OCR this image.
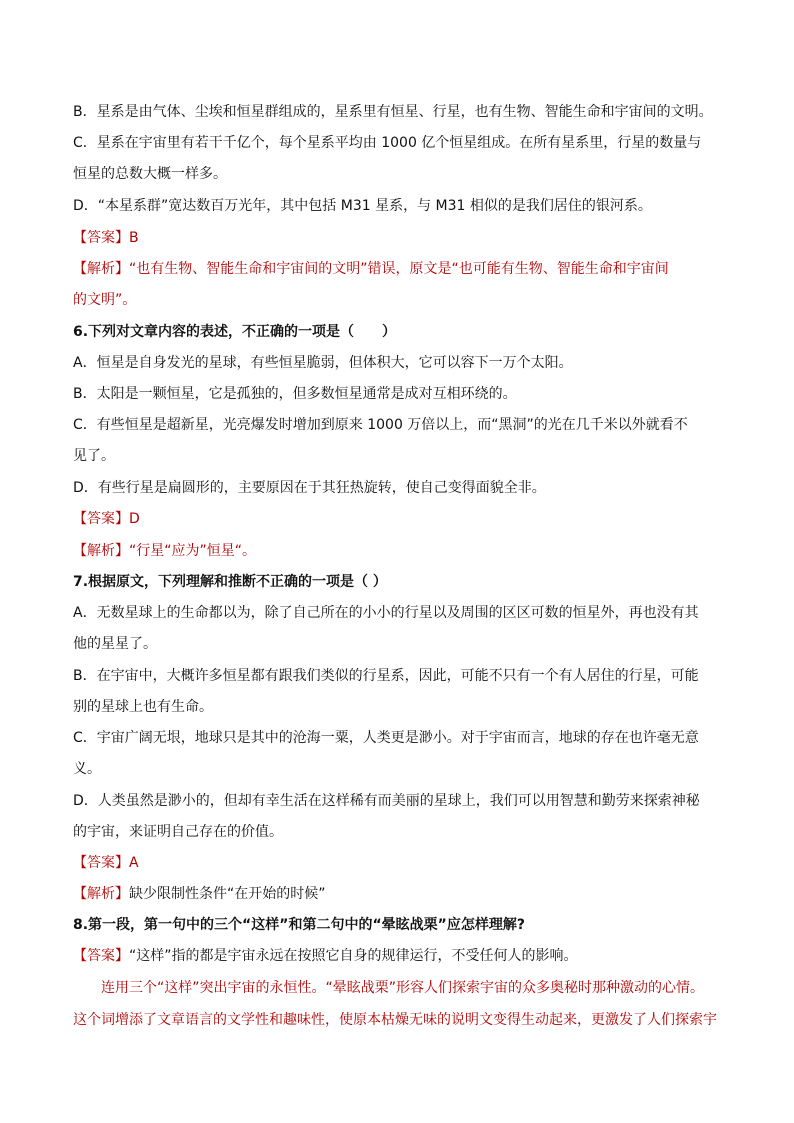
B．星系是由气体、尘埃和恒星群组成的，星系里有恒星、行星，也有生物、智能生命和宇宙间的文明。
C．星系在宇宙里有若干千亿个，每个星系平均由 1000 亿个恒星组成。在所有星系里，行星的数量与
恒星的总数大概一样多。
D．“本星系群”宽达数百万光年，其中包括 M31 星系，与 M31 相似的是我们居住的银河系。
【答案】B
【解析】“也有生物、智能生命和宇宙间的文明”错误，原文是“也可能有生物、智能生命和宇宙间
的文明”。
6.下列对文章内容的表述，不正确的一项是（　　）
A．恒星是自身发光的星球，有些恒星脆弱，但体积大，它可以容下一万个太阳。
B．太阳是一颗恒星，它是孤独的，但多数恒星通常是成对互相环绕的。
C．有些恒星是超新星，光亮爆发时增加到原来 1000 万倍以上，而“黑洞”的光在几千米以外就看不
见了。
D．有些行星是扁圆形的，主要原因在于其狂热旋转，使自己变得面貌全非。
【答案】D
【解析】“行星“应为”恒星“。
7.根据原文，下列理解和推断不正确的一项是（ ）
A．无数星球上的生命都以为，除了自己所在的小小的行星以及周围的区区可数的恒星外，再也没有其
他的星星了。
B．在宇宙中，大概许多恒星都有跟我们类似的行星系，因此，可能不只有一个有人居住的行星，可能
别的星球上也有生命。
C．宇宙广阔无垠，地球只是其中的沧海一粟，人类更是渺小。对于宇宙而言，地球的存在也许毫无意
义。
D．人类虽然是渺小的，但却有幸生活在这样稀有而美丽的星球上，我们可以用智慧和勤劳来探索神秘
的宇宙，来证明自己存在的价值。
【答案】A
【解析】缺少限制性条件“在开始的时候”
8.第一段，第一句中的三个“这样”和第二句中的“晕眩战栗”应怎样理解?
【答案】“这样”指的都是宇宙永远在按照它自身的规律运行，不受任何人的影响。
连用三个“这样”突出宇宙的永恒性。“晕眩战栗”形容人们探索宇宙的众多奥秘时那种激动的心情。
这个词增添了文章语言的文学性和趣味性，使原本枯燥无味的说明文变得生动起来，更激发了人们探索宇
